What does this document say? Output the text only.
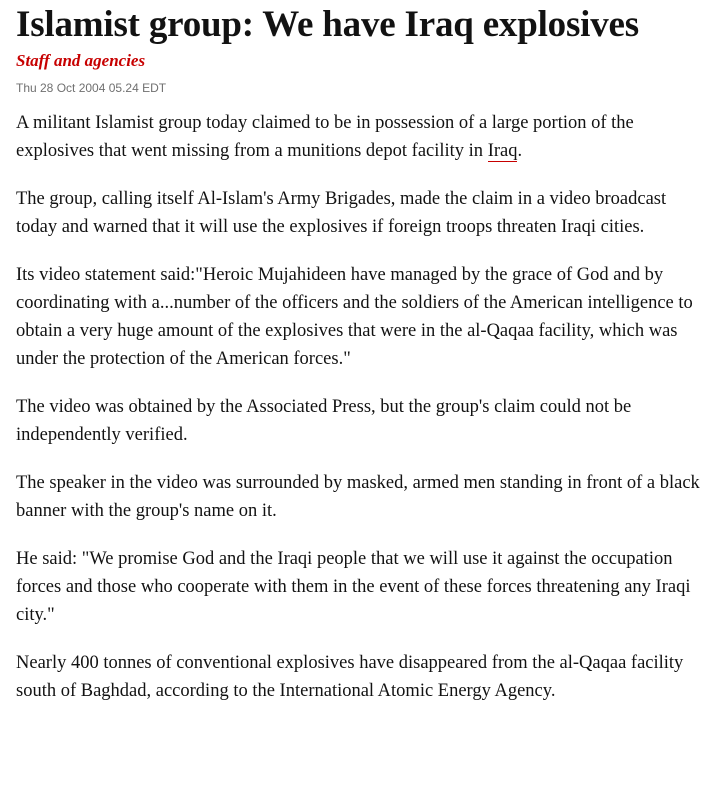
Islamist group: We have Iraq explosives
Staff and agencies
Thu 28 Oct 2004 05.24 EDT

A militant Islamist group today claimed to be in possession of a large portion of the explosives that went missing from a munitions depot facility in Iraq.

The group, calling itself Al-Islam's Army Brigades, made the claim in a video broadcast today and warned that it will use the explosives if foreign troops threaten Iraqi cities.

Its video statement said:"Heroic Mujahideen have managed by the grace of God and by coordinating with a...number of the officers and the soldiers of the American intelligence to obtain a very huge amount of the explosives that were in the al-Qaqaa facility, which was under the protection of the American forces."

The video was obtained by the Associated Press, but the group's claim could not be independently verified.

The speaker in the video was surrounded by masked, armed men standing in front of a black banner with the group's name on it.

He said: "We promise God and the Iraqi people that we will use it against the occupation forces and those who cooperate with them in the event of these forces threatening any Iraqi city."

Nearly 400 tonnes of conventional explosives have disappeared from the al-Qaqaa facility south of Baghdad, according to the International Atomic Energy Agency.
